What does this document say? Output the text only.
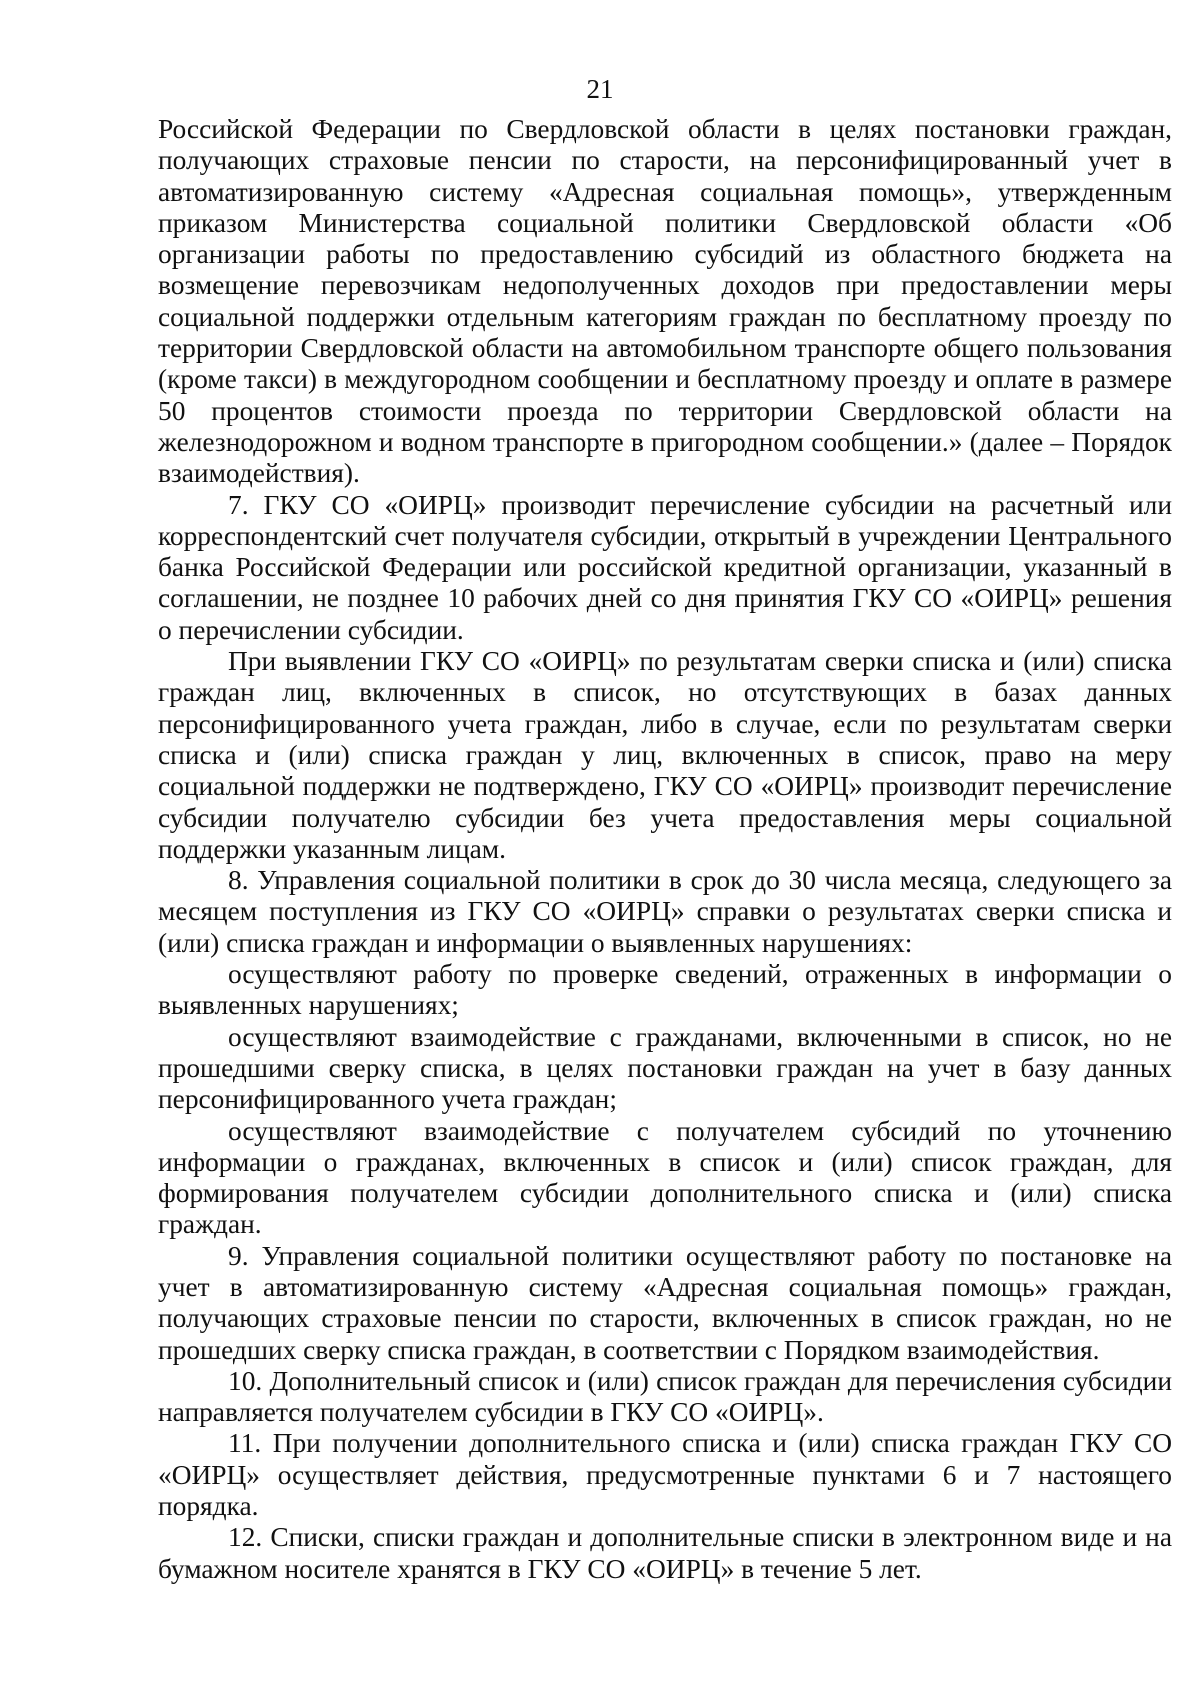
21

Российской Федерации по Свердловской области в целях постановки граждан, получающих страховые пенсии по старости, на персонифицированный учет в автоматизированную систему «Адресная социальная помощь», утвержденным приказом Министерства социальной политики Свердловской области «Об организации работы по предоставлению субсидий из областного бюджета на возмещение перевозчикам недополученных доходов при предоставлении меры социальной поддержки отдельным категориям граждан по бесплатному проезду по территории Свердловской области на автомобильном транспорте общего пользования (кроме такси) в междугородном сообщении и бесплатному проезду и оплате в размере 50 процентов стоимости проезда по территории Свердловской области на железнодорожном и водном транспорте в пригородном сообщении.» (далее – Порядок взаимодействия).

7. ГКУ СО «ОИРЦ» производит перечисление субсидии на расчетный или корреспондентский счет получателя субсидии, открытый в учреждении Центрального банка Российской Федерации или российской кредитной организации, указанный в соглашении, не позднее 10 рабочих дней со дня принятия ГКУ СО «ОИРЦ» решения о перечислении субсидии.

При выявлении ГКУ СО «ОИРЦ» по результатам сверки списка и (или) списка граждан лиц, включенных в список, но отсутствующих в базах данных персонифицированного учета граждан, либо в случае, если по результатам сверки списка и (или) списка граждан у лиц, включенных в список, право на меру социальной поддержки не подтверждено, ГКУ СО «ОИРЦ» производит перечисление субсидии получателю субсидии без учета предоставления меры социальной поддержки указанным лицам.

8. Управления социальной политики в срок до 30 числа месяца, следующего за месяцем поступления из ГКУ СО «ОИРЦ» справки о результатах сверки списка и (или) списка граждан и информации о выявленных нарушениях:

осуществляют работу по проверке сведений, отраженных в информации о выявленных нарушениях;

осуществляют взаимодействие с гражданами, включенными в список, но не прошедшими сверку списка, в целях постановки граждан на учет в базу данных персонифицированного учета граждан;

осуществляют взаимодействие с получателем субсидий по уточнению информации о гражданах, включенных в список и (или) список граждан, для формирования получателем субсидии дополнительного списка и (или) списка граждан.

9. Управления социальной политики осуществляют работу по постановке на учет в автоматизированную систему «Адресная социальная помощь» граждан, получающих страховые пенсии по старости, включенных в список граждан, но не прошедших сверку списка граждан, в соответствии с Порядком взаимодействия.

10. Дополнительный список и (или) список граждан для перечисления субсидии направляется получателем субсидии в ГКУ СО «ОИРЦ».

11. При получении дополнительного списка и (или) списка граждан ГКУ СО «ОИРЦ» осуществляет действия, предусмотренные пунктами 6 и 7 настоящего порядка.

12. Списки, списки граждан и дополнительные списки в электронном виде и на бумажном носителе хранятся в ГКУ СО «ОИРЦ» в течение 5 лет.
